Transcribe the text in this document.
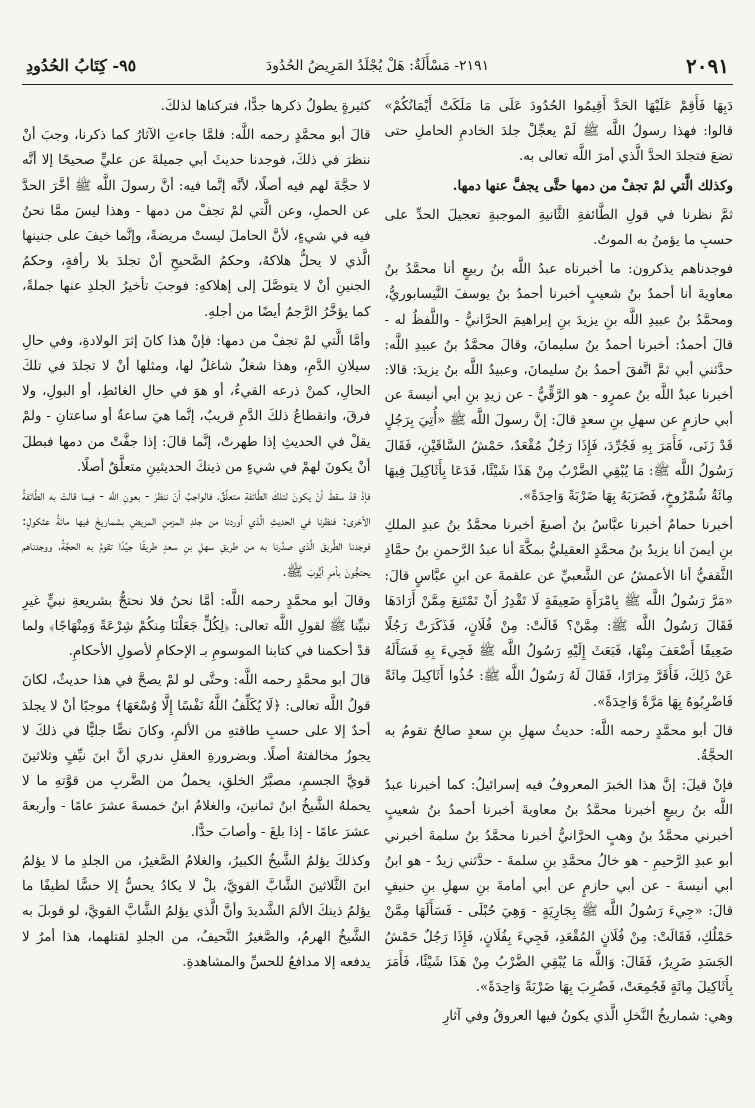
٢٠٩١
٢١٩١- مَسْأَلَةٌ: هَلْ يُجْلَدُ المَرِيضُ الحُدُودَ
٩٥- كِتَابُ الحُدُودِ

دَبِهَا فَأَقِمْ عَلَيْهَا الحَدَّ أَقِيمُوا الحُدُودَ عَلَى مَا مَلَكَتْ أَيْمَانُكُمْ» قالوا: فهذا رسولُ اللَّه ﷺ لَمْ يعجِّلْ جلدَ الخادمِ الحاملِ حتى تضعَ فتجلدَ الحدَّ الَّذي أمرَ اللَّه تعالى به.

وكذلك الَّتي لمْ تجفْ من دمها حتَّى يجفَّ عنها دمها.

ثمَّ نظرنا في قولِ الطَّائفةِ الثَّانيةِ الموجبةِ تعجيلَ الحدِّ على حسبِ ما يؤمنُ به الموتُ.

فوجدناهم يذكرون: ما أخبرناه عبدُ اللَّه بنُ ربيعٍ أنا محمَّدُ بنُ معاويةَ أنا أحمدُ بنُ شعيبٍ أخبرنا أحمدُ بنُ يوسفَ النَّيسابوريُّ، ومحمَّدُ بنُ عبيدِ اللَّه بنِ يزيدَ بنِ إبراهيمَ الحرَّانيُّ - واللَّفظُ له - قالَ أحمدُ: أخبرنا أحمدُ بنُ سليمانَ، وقالَ محمَّدُ بنُ عبيدِ اللَّه: حدَّثني أبي ثمَّ اتَّفقَ أحمدُ بنُ سليمانَ، وعبيدُ اللَّه بنُ يزيدَ: قالا: أخبرنا عبدُ اللَّه بنُ عمرٍو - هو الرَّقِّيُّ - عن زيدِ بنِ أبي أنيسةَ عن أبي حازمٍ عن سهلِ بنِ سعدٍ قالَ: إنَّ رسولَ اللَّه ﷺ «أُتِيَ بِرَجُلٍ قَدْ زَنَى، فَأَمَرَ بِهِ فَجُرِّدَ، فَإِذَا رَجُلٌ مُقْعَدٌ، حَمْشُ السَّاقَيْنِ، فَقَالَ رَسُولُ اللَّه ﷺ: مَا يُبْقِي الضَّرْبُ مِنْ هَذَا شَيْئًا، فَدَعَا بِأَثَاكِيلَ فِيهَا مِائَةُ شُمْرُوخٍ، فَضَرَبَهُ بِهَا ضَرْبَةً وَاحِدَةً».

أخبرنا حمامٌ أخبرنا عبَّاسُ بنُ أصبغَ أخبرنا محمَّدُ بنُ عبدِ الملكِ بنِ أيمنَ أنا يزيدُ بنُ محمَّدٍ العقيليُّ بمكَّةَ أنا عبدُ الرَّحمنِ بنُ حمَّادٍ الثَّقفيُّ أنا الأعمشُ عن الشَّعبيِّ عن علقمةَ عن ابنِ عبَّاسٍ قالَ: «مَرَّ رَسُولُ اللَّه ﷺ بِامْرَأَةٍ ضَعِيفَةٍ لَا تَقْدِرُ أَنْ تَمْتَنِعَ مِمَّنْ أَرَادَهَا فَقَالَ رَسُولُ اللَّه ﷺ: مِمَّنْ؟ قَالَتْ: مِنْ فُلَانٍ، فَذَكَرَتْ رَجُلًا ضَعِيفًا أَضْعَفَ مِنْهَا، فَبَعَثَ إِلَيْهِ رَسُولُ اللَّه ﷺ فَجِيءَ بِهِ فَسَأَلَهُ عَنْ ذَلِكَ، فَأَقَرَّ مِرَارًا، فَقَالَ لَهُ رَسُولُ اللَّه ﷺ: خُذُوا أَثَاكِيلَ مِائَةً فَاضْرِبُوهُ بِهَا مَرَّةً وَاحِدَةً».

قالَ أبو محمَّدٍ رحمه اللَّه: حديثُ سهلِ بنِ سعدٍ صالحٌ تقومُ به الحجَّةُ.

فإنْ قيلَ: إنَّ هذا الخبرَ المعروفُ فيه إسرائيلُ: كما أخبرنا عبدُ اللَّه بنُ ربيعٍ أخبرنا محمَّدُ بنُ معاويةَ أخبرنا أحمدُ بنُ شعيبٍ أخبرني محمَّدُ بنُ وهبٍ الحرَّانيُّ أخبرنا محمَّدُ بنُ سلمةَ أخبرني أبو عبدِ الرَّحيمِ - هو خالُ محمَّدِ بنِ سلمةَ - حدَّثني زيدٌ - هو ابنُ أبي أنيسةَ - عن أبي حازمٍ عن أبي أمامةَ بنِ سهلِ بنِ حنيفٍ قالَ: «جِيءَ رَسُولُ اللَّه ﷺ بِجَارِيَةٍ - وَهِيَ حُبْلَى - فَسَأَلَهَا مِمَّنْ حَمْلُكِ، فَقَالَتْ: مِنْ فُلَانٍ المُقْعَدِ، فَجِيءَ بِفُلَانٍ، فَإِذَا رَجُلٌ حَمْشُ الجَسَدِ ضَرِيرٌ، فَقَالَ: وَاللَّه مَا يُبْقِي الضَّرْبُ مِنْ هَذَا شَيْئًا، فَأَمَرَ بِأَثَاكِيلَ مِائَةٍ فَجُمِعَتْ، فَضُرِبَ بِهَا ضَرْبَةً وَاحِدَةً».

وهي: شماريخُ النَّخلِ الَّذي يكونُ فيها العروقُ وفي آثارِ

كثيرةٍ يطولُ ذكرها جدًّا، فتركناها لذلكَ.

قالَ أبو محمَّدٍ رحمه اللَّه: فلمَّا جاءتِ الآثارُ كما ذكرنا، وجبَ أنْ ننظرَ في ذلكَ، فوجدنا حديثَ أبي جميلةَ عن عليٍّ صحيحًا إلا أنَّه لا حجَّةَ لهم فيه أصلًا، لأنَّه إنَّما فيه: أنَّ رسولَ اللَّه ﷺ أخَّرَ الحدَّ عن الحملِ، وعن الَّتي لمْ تجفْ من دمها - وهذا ليسَ ممَّا نحنُ فيه في شيءٍ، لأنَّ الحاملَ ليستْ مريضةً، وإنَّما خيفَ على جنينها الَّذي لا يحلُّ هلاكهُ، وحكمُ الصَّحيحِ أنْ تجلدَ بلا رأفةٍ، وحكمُ الجنينِ أنْ لا يتوصَّلَ إلى إهلاكهِ: فوجبَ تأخيرُ الجلدِ عنها جملةً، كما يؤخَّرُ الرَّجمُ أيضًا من أجلهِ.

وأمَّا الَّتي لمْ تجفْ من دمها: فإنْ هذا كانَ إثرَ الولادةِ، وفي حالِ سيلانِ الدَّمِ، وهذا شغلٌ شاغلٌ لها، ومثلها أنْ لا تجلدَ في تلكَ الحالِ، كمنْ ذرعه القيءُ، أو هوَ في حالِ الغائطِ، أو البولِ، ولا فرقَ، وانقطاعُ ذلكَ الدَّمِ قريبٌ، إنَّما هيَ ساعةٌ أو ساعتانِ - ولمْ يقلْ في الحديثِ إذا طهرتْ، إنَّما قالَ: إذا جفَّتْ من دمها فبطلَ أنْ يكونَ لهمْ في شيءٍ من ذينكَ الحديثينِ متعلَّقٌ أصلًا.

فإذْ قدْ سقطَ أنْ يكونَ لتلكَ الطَّائفةِ متعلَّقٌ، فالواجبُ أنْ ننظرَ - بعونِ اللَّه - فيما قالتْ به الطَّائفةُ الأخرى: فنظرنا في الحديثِ الَّذي أوردنا من جلدِ المزمنِ المريضِ بشماريخَ فيها مائةُ عثكولٍ: فوجدنا الطَّريقَ الَّذي صدَّرنا به من طريقِ سهلِ بنِ سعدٍ طريقًا جيِّدًا تقومُ به الحجَّةُ، ووجدناهم يحتجُّونَ بأمرِ أيُّوبَ ﷺ.

وقالَ أبو محمَّدٍ رحمه اللَّه: أمَّا نحنُ فلا نحتجُّ بشريعةِ نبيٍّ غيرِ نبيِّنا ﷺ لقولِ اللَّه تعالى: ﴿لِكُلٍّ جَعَلْنَا مِنكُمْ شِرْعَةً وَمِنْهَاجًا﴾ ولما قدْ أحكمنا في كتابنا الموسومِ بـ الإحكامِ لأصولِ الأحكامِ.

قالَ أبو محمَّدٍ رحمه اللَّه: وحتَّى لو لمْ يصحَّ في هذا حديثٌ، لكانَ قولُ اللَّه تعالى: ﴿لَا يُكَلِّفُ اللَّهُ نَفْسًا إِلَّا وُسْعَهَا﴾ موجبًا أنْ لا يجلدَ أحدٌ إلا على حسبِ طاقتهِ من الألمِ، وكانَ نصًّا جليًّا في ذلكَ لا يجوزُ مخالفتهُ أصلًا. وبضرورةِ العقلِ ندري أنَّ ابنَ نيِّفٍ وثلاثينَ قويَّ الجسمِ، مصبَّرُ الخلقِ، يحملُ من الضَّربِ من قوَّتهِ ما لا يحملهُ الشَّيخُ ابنُ ثمانينَ، والغلامُ ابنُ خمسةَ عشرَ عامًا - وأربعةَ عشرَ عامًا - إذا بلغَ - وأصابَ حدًّا.

وكذلكَ يؤلمُ الشَّيخُ الكبيرُ، والغلامُ الصَّغيرُ، من الجلدِ ما لا يؤلمُ ابنَ الثَّلاثينَ الشَّابَّ القويَّ، بلْ لا يكادُ يحسُّ إلا حسًّا لطيفًا ما يؤلمُ ذينكَ الألمَ الشَّديدَ وأنَّ الَّذي يؤلمُ الشَّابَّ القويَّ، لو قوبلَ به الشَّيخُ الهرمُ، والصَّغيرُ النَّحيفُ، من الجلدِ لقتلهما، هذا أمرٌ لا يدفعه إلا مدافعُ للحسِّ والمشاهدةِ.
